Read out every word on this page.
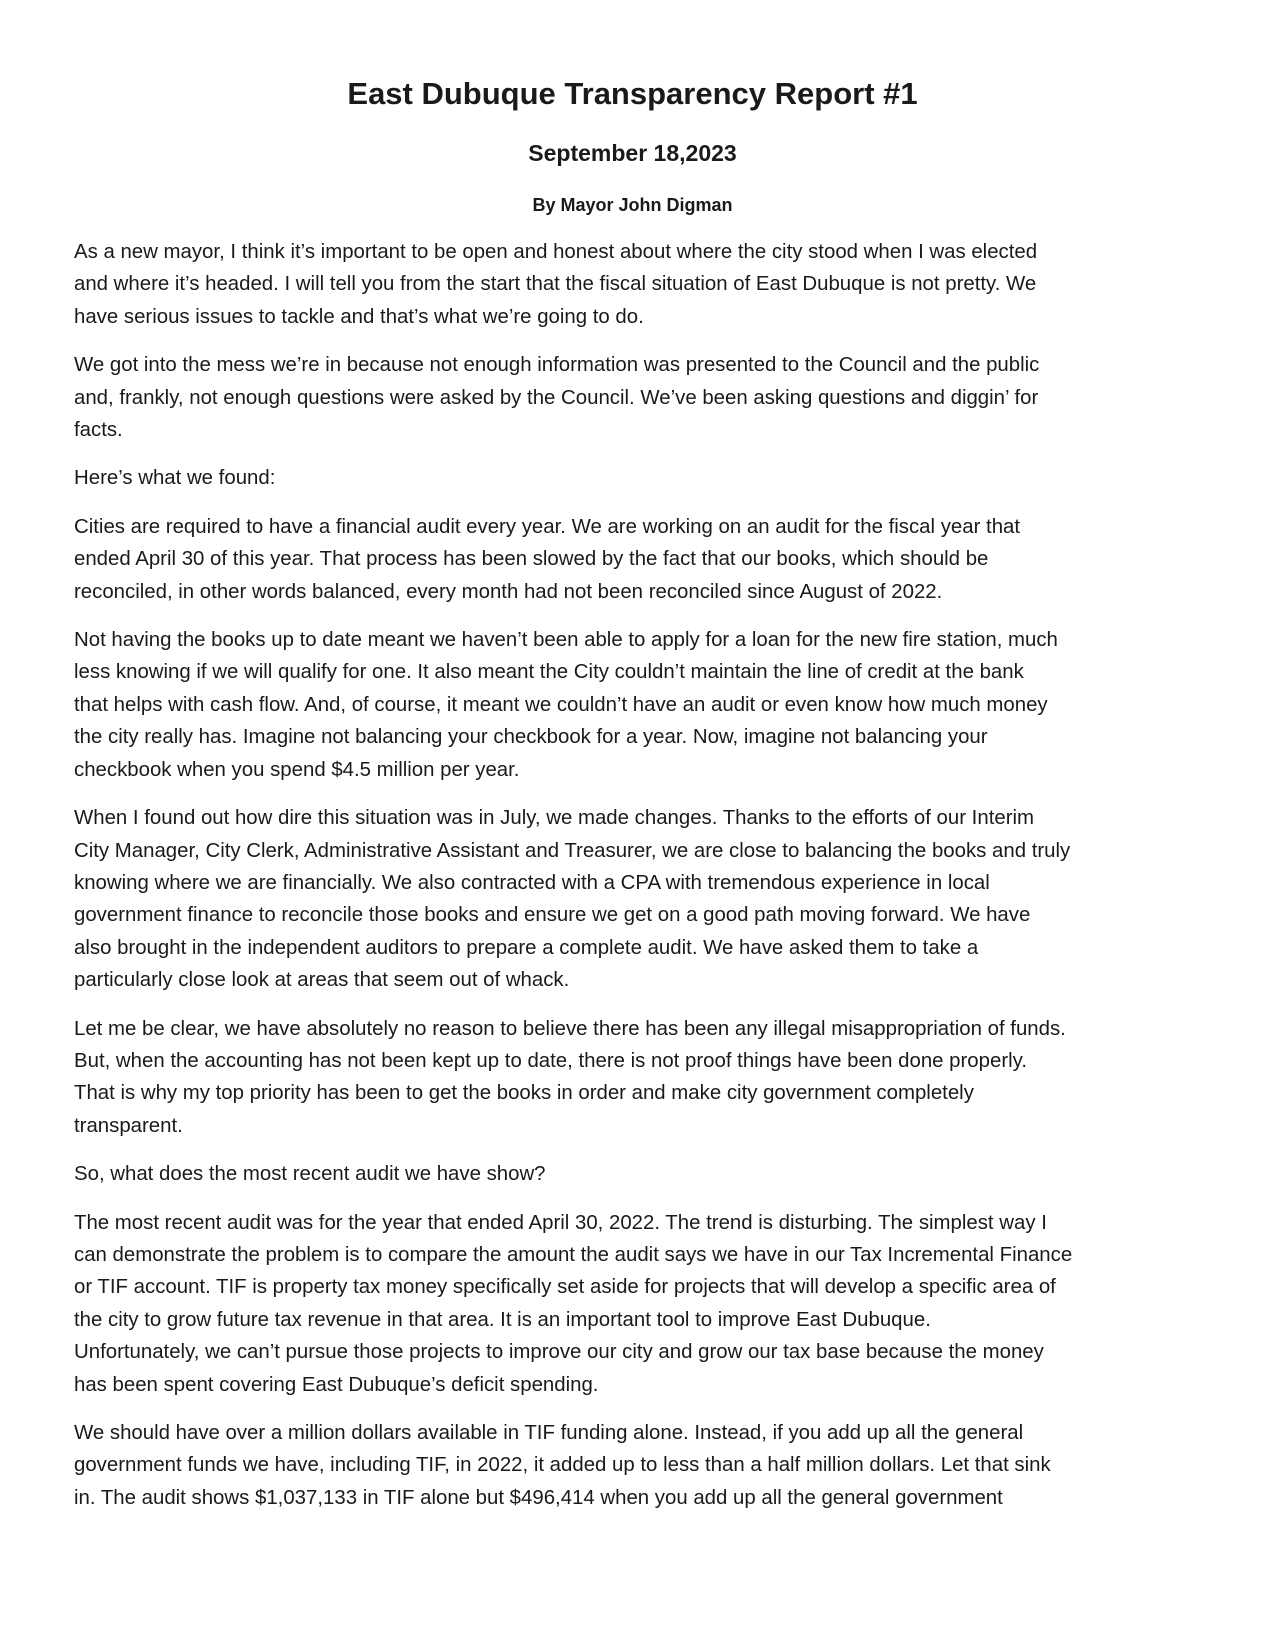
East Dubuque Transparency Report #1
September 18,2023
By Mayor John Digman

As a new mayor, I think it’s important to be open and honest about where the city stood when I was elected
and where it’s headed. I will tell you from the start that the fiscal situation of East Dubuque is not pretty. We
have serious issues to tackle and that’s what we’re going to do.

We got into the mess we’re in because not enough information was presented to the Council and the public
and, frankly, not enough questions were asked by the Council. We’ve been asking questions and diggin’ for
facts.

Here’s what we found:

Cities are required to have a financial audit every year. We are working on an audit for the fiscal year that
ended April 30 of this year. That process has been slowed by the fact that our books, which should be
reconciled, in other words balanced, every month had not been reconciled since August of 2022.

Not having the books up to date meant we haven’t been able to apply for a loan for the new fire station, much
less knowing if we will qualify for one. It also meant the City couldn’t maintain the line of credit at the bank
that helps with cash flow. And, of course, it meant we couldn’t have an audit or even know how much money
the city really has. Imagine not balancing your checkbook for a year. Now, imagine not balancing your
checkbook when you spend $4.5 million per year.

When I found out how dire this situation was in July, we made changes. Thanks to the efforts of our Interim
City Manager, City Clerk, Administrative Assistant and Treasurer, we are close to balancing the books and truly
knowing where we are financially. We also contracted with a CPA with tremendous experience in local
government finance to reconcile those books and ensure we get on a good path moving forward. We have
also brought in the independent auditors to prepare a complete audit. We have asked them to take a
particularly close look at areas that seem out of whack.

Let me be clear, we have absolutely no reason to believe there has been any illegal misappropriation of funds.
But, when the accounting has not been kept up to date, there is not proof things have been done properly.
That is why my top priority has been to get the books in order and make city government completely
transparent.

So, what does the most recent audit we have show?

The most recent audit was for the year that ended April 30, 2022. The trend is disturbing. The simplest way I
can demonstrate the problem is to compare the amount the audit says we have in our Tax Incremental Finance
or TIF account. TIF is property tax money specifically set aside for projects that will develop a specific area of
the city to grow future tax revenue in that area. It is an important tool to improve East Dubuque.
Unfortunately, we can’t pursue those projects to improve our city and grow our tax base because the money
has been spent covering East Dubuque’s deficit spending.

We should have over a million dollars available in TIF funding alone. Instead, if you add up all the general
government funds we have, including TIF, in 2022, it added up to less than a half million dollars. Let that sink
in. The audit shows $1,037,133 in TIF alone but $496,414 when you add up all the general government
